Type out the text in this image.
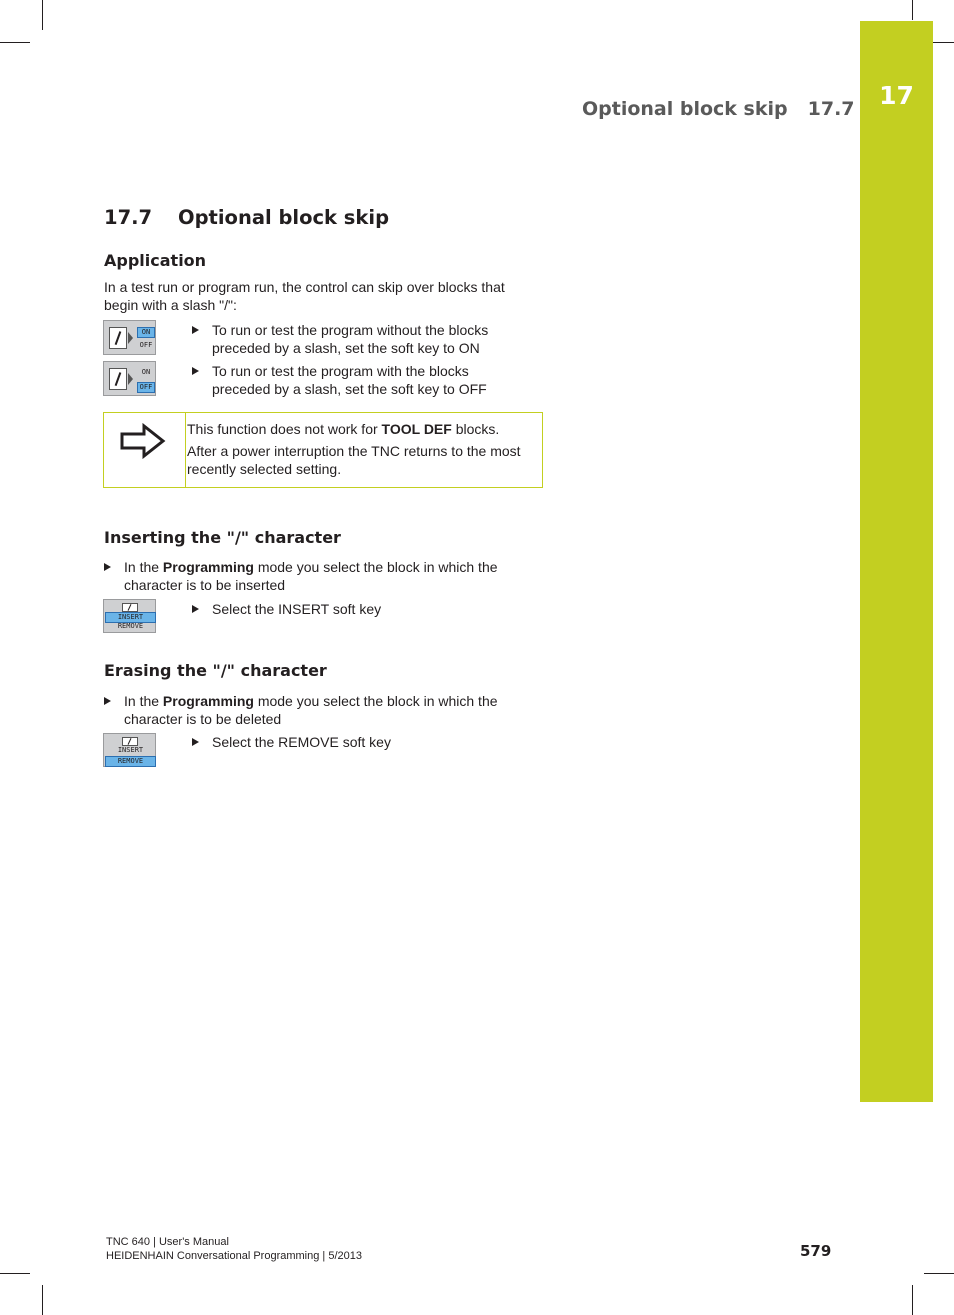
17
Optional block skip 17.7
17.7 Optional block skip
Application
In a test run or program run, the control can skip over blocks that begin with a slash "/":
ON
OFF
To run or test the program without the blocks preceded by a slash, set the soft key to ON
ON
OFF
To run or test the program with the blocks preceded by a slash, set the soft key to OFF
This function does not work for TOOL DEF blocks.
After a power interruption the TNC returns to the most recently selected setting.
Inserting the "/" character
In the Programming mode you select the block in which the character is to be inserted
INSERT
REMOVE
Select the INSERT soft key
Erasing the "/" character
In the Programming mode you select the block in which the character is to be deleted
INSERT
REMOVE
Select the REMOVE soft key
TNC 640 | User's Manual
HEIDENHAIN Conversational Programming | 5/2013	579
